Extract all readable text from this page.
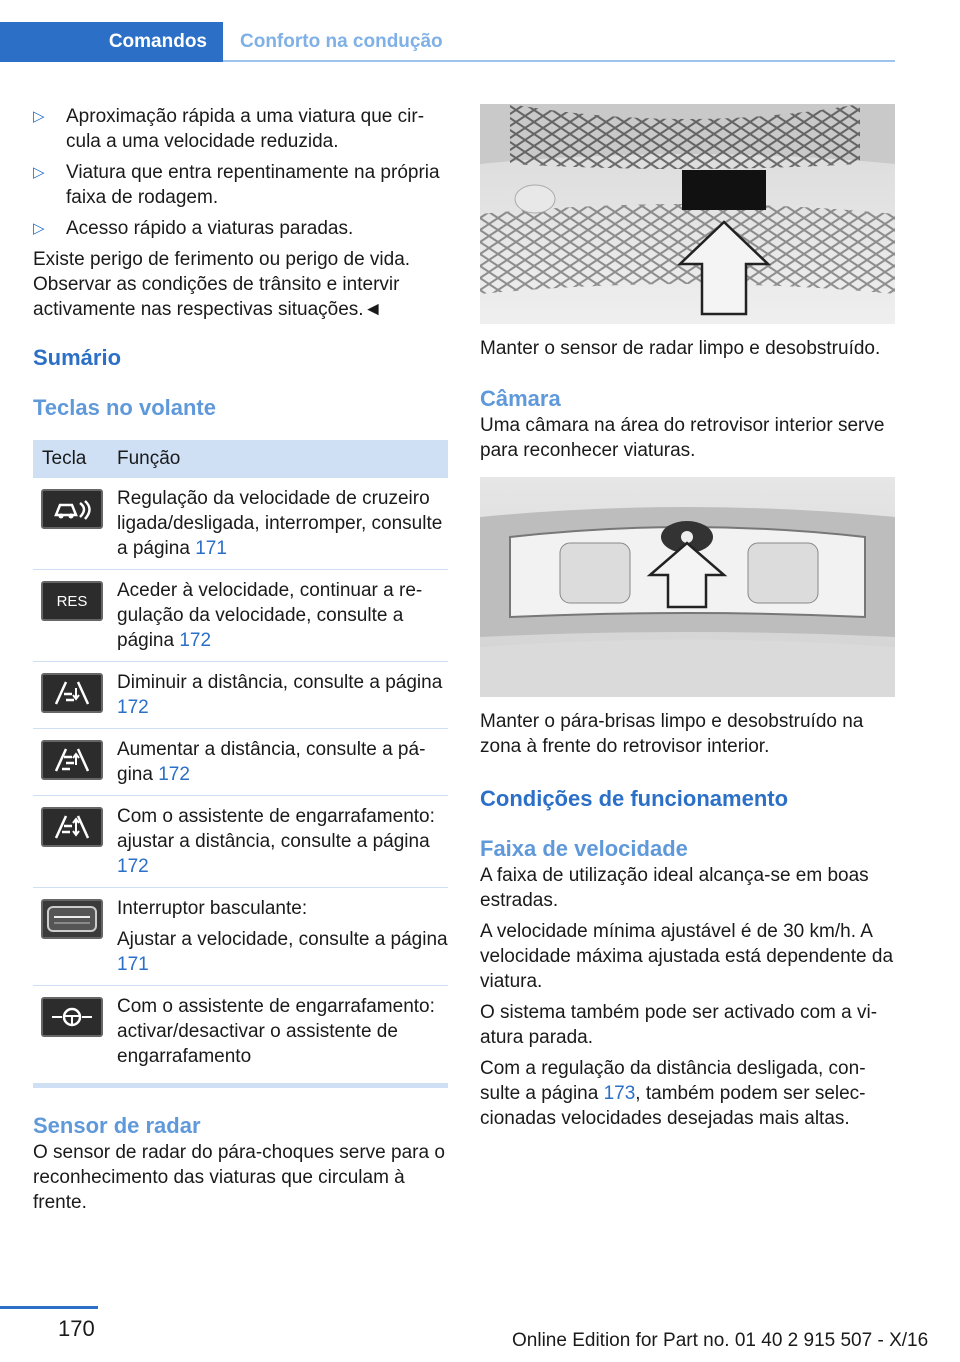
Comandos Conforto na condução
▷ Aproximação rápida a uma viatura que circula a uma velocidade reduzida.
▷ Viatura que entra repentinamente na própria faixa de rodagem.
▷ Acesso rápido a viaturas paradas.
Existe perigo de ferimento ou perigo de vida. Observar as condições de trânsito e intervir activamente nas respectivas situações.◄
Sumário
Teclas no volante
Tecla	Função
Regulação da velocidade de cruzeiro ligada/desligada, interromper, consulte a página 171
RES Aceder à velocidade, continuar a regulação da velocidade, consulte a página 172
Diminuir a distância, consulte a página 172
Aumentar a distância, consulte a página 172
Com o assistente de engarrafamento: ajustar a distância, consulte a página 172
Interruptor basculante:
Ajustar a velocidade, consulte a página 171
Com o assistente de engarrafamento: activar/desactivar o assistente de engarrafamento
Sensor de radar
O sensor de radar do pára-choques serve para o reconhecimento das viaturas que circulam à frente.
Manter o sensor de radar limpo e desobstruído.
Câmara
Uma câmara na área do retrovisor interior serve para reconhecer viaturas.
Manter o pára-brisas limpo e desobstruído na zona à frente do retrovisor interior.
Condições de funcionamento
Faixa de velocidade
A faixa de utilização ideal alcança-se em boas estradas.
A velocidade mínima ajustável é de 30 km/h. A velocidade máxima ajustada está dependente da viatura.
O sistema também pode ser activado com a viatura parada.
Com a regulação da distância desligada, consulte a página 173, também podem ser seleccionadas velocidades desejadas mais altas.
170	Online Edition for Part no. 01 40 2 915 507 - X/16
